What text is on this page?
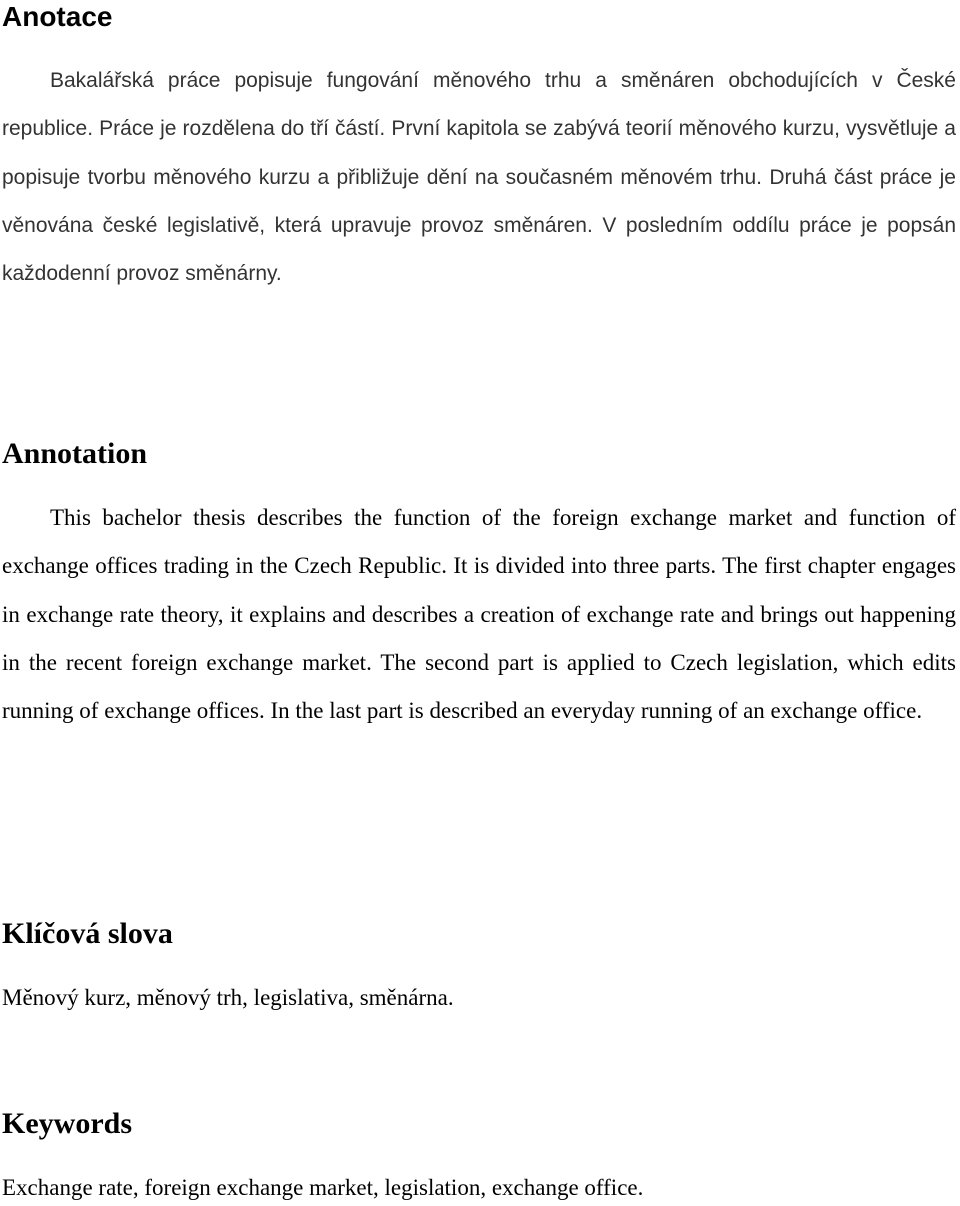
Anotace

Bakalářská práce popisuje fungování měnového trhu a směnáren obchodujících v České republice. Práce je rozdělena do tří částí. První kapitola se zabývá teorií měnového kurzu, vysvětluje a popisuje tvorbu měnového kurzu a přibližuje dění na současném měnovém trhu. Druhá část práce je věnována české legislativě, která upravuje provoz směnáren. V posledním oddílu práce je popsán každodenní provoz směnárny.

Annotation

This bachelor thesis describes the function of the foreign exchange market and function of exchange offices trading in the Czech Republic. It is divided into three parts. The first chapter engages in exchange rate theory, it explains and describes a creation of exchange rate and brings out happening in the recent foreign exchange market. The second part is applied to Czech legislation, which edits running of exchange offices. In the last part is described an everyday running of an exchange office.

Klíčová slova

Měnový kurz, měnový trh, legislativa, směnárna.

Keywords

Exchange rate, foreign exchange market, legislation, exchange office.
